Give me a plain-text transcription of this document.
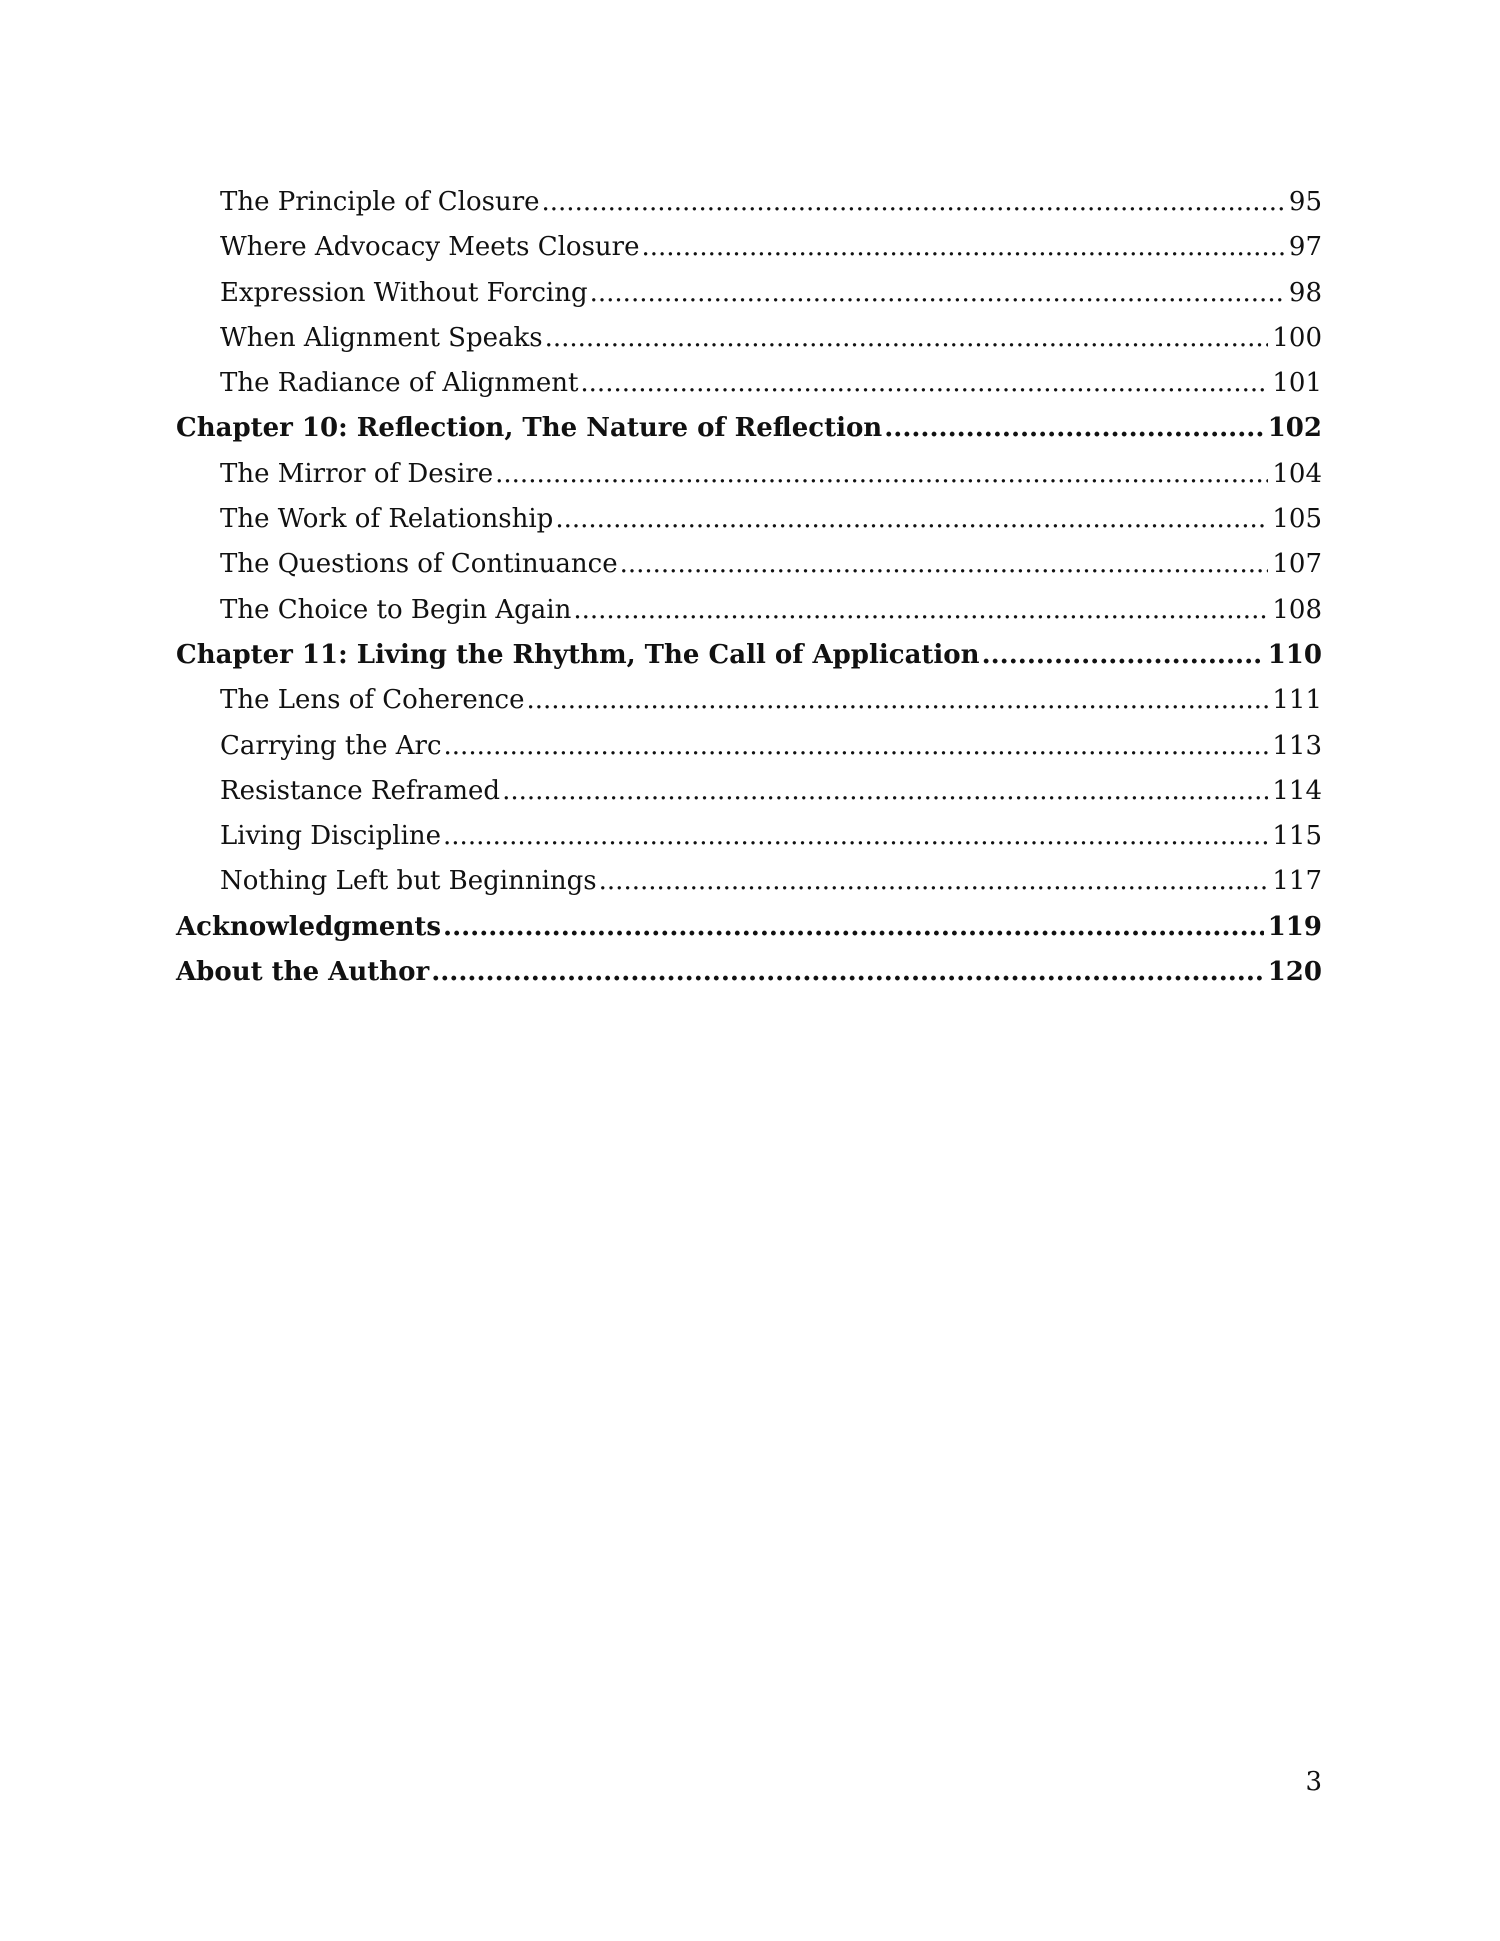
The Principle of Closure .....	95
Where Advocacy Meets Closure .....	97
Expression Without Forcing .....	98
When Alignment Speaks .....	100
The Radiance of Alignment .....	101
Chapter 10: Reflection, The Nature of Reflection .....	102
The Mirror of Desire .....	104
The Work of Relationship .....	105
The Questions of Continuance .....	107
The Choice to Begin Again .....	108
Chapter 11: Living the Rhythm, The Call of Application .....	110
The Lens of Coherence .....	111
Carrying the Arc .....	113
Resistance Reframed .....	114
Living Discipline .....	115
Nothing Left but Beginnings .....	117
Acknowledgments .....	119
About the Author .....	120
3
